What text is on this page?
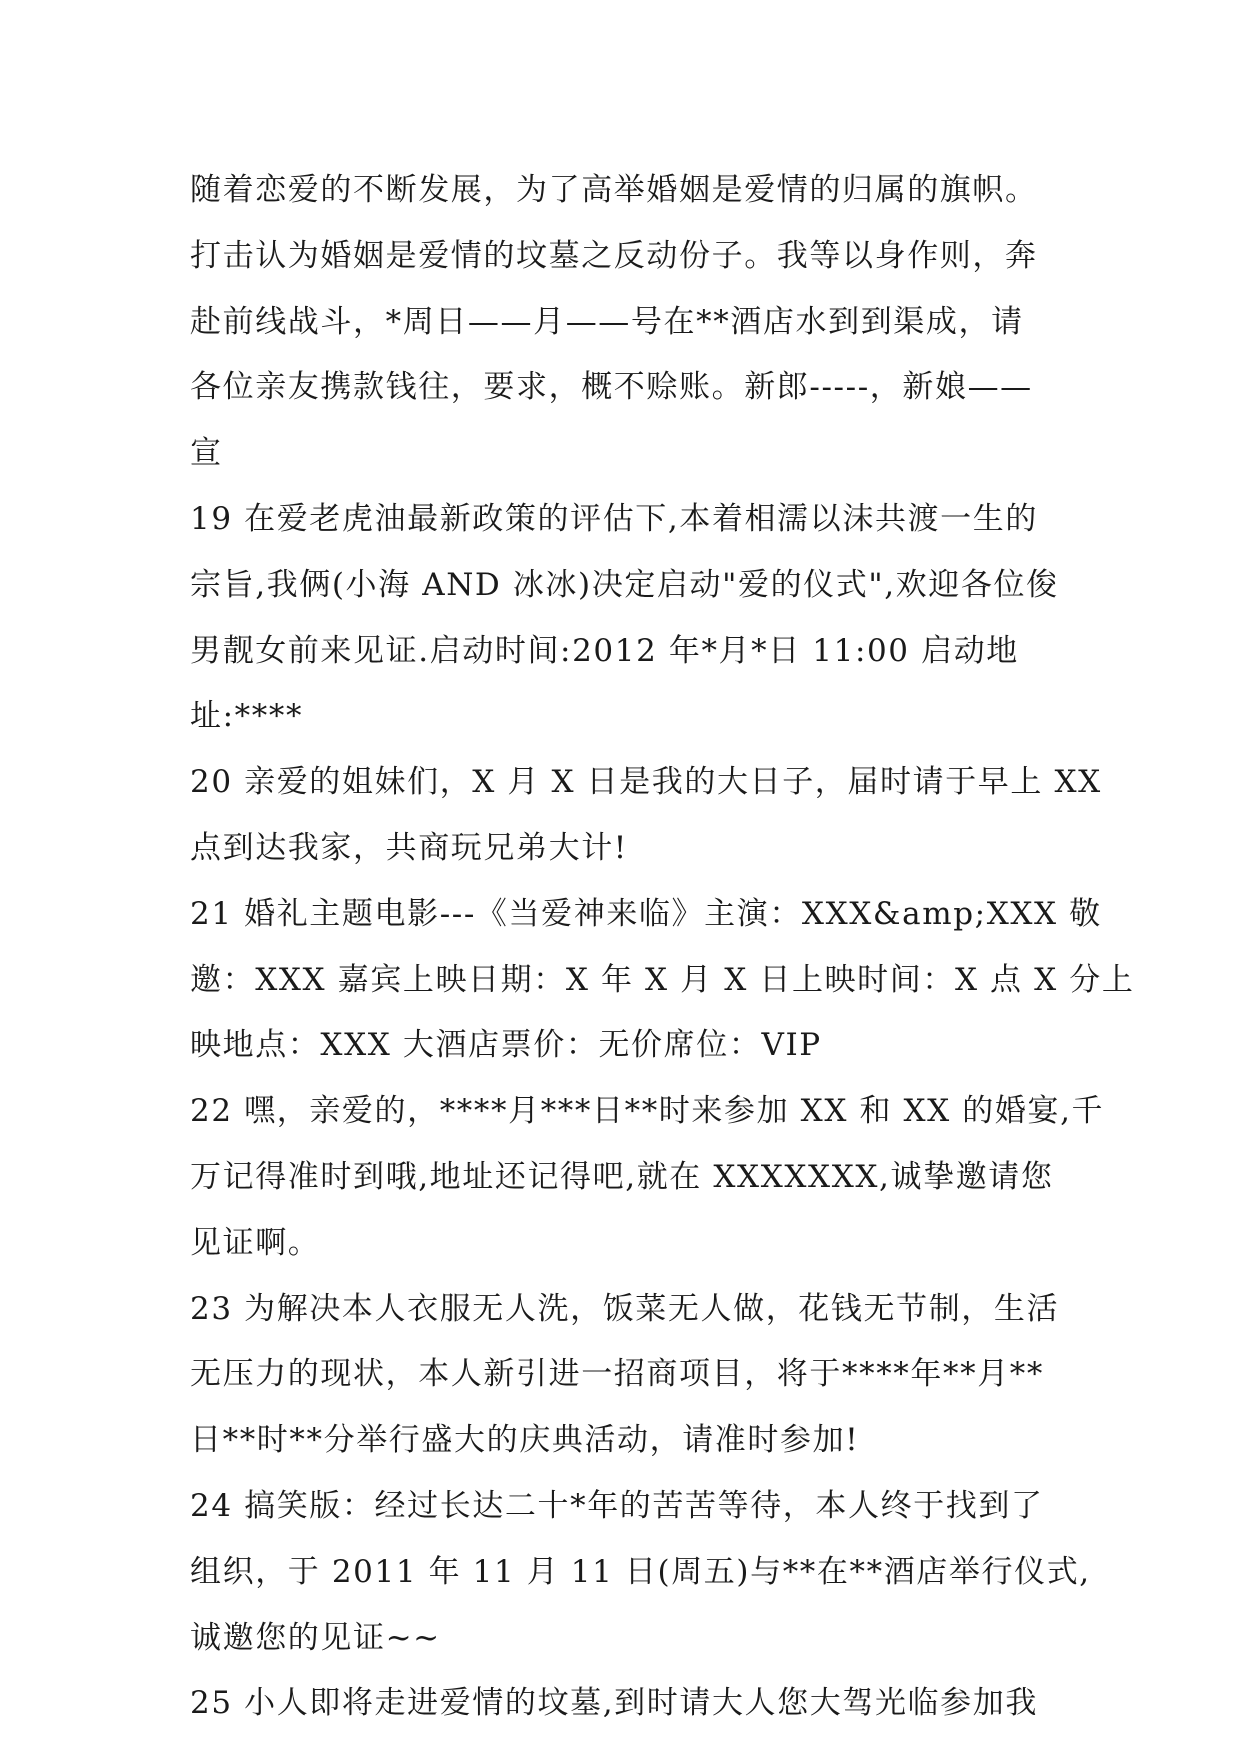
随着恋爱的不断发展，为了高举婚姻是爱情的归属的旗帜。
打击认为婚姻是爱情的坟墓之反动份子。我等以身作则，奔
赴前线战斗，*周日——月——号在**酒店水到到渠成，请
各位亲友携款钱往，要求，概不赊账。新郎-----，新娘——
宣
19 在爱老虎油最新政策的评估下,本着相濡以沫共渡一生的
宗旨,我俩(小海 AND 冰冰)决定启动"爱的仪式",欢迎各位俊
男靓女前来见证.启动时间:2012 年*月*日 11:00 启动地
址:****
20 亲爱的姐妹们，X 月 X 日是我的大日子，届时请于早上 XX
点到达我家，共商玩兄弟大计!
21 婚礼主题电影---《当爱神来临》主演：XXX&amp;XXX 敬
邀：XXX 嘉宾上映日期：X 年 X 月 X 日上映时间：X 点 X 分上
映地点：XXX 大酒店票价：无价席位：VIP
22 嘿，亲爱的，****月***日**时来参加 XX 和 XX 的婚宴,千
万记得准时到哦,地址还记得吧,就在 XXXXXXX,诚挚邀请您
见证啊。
23 为解决本人衣服无人洗，饭菜无人做，花钱无节制，生活
无压力的现状，本人新引进一招商项目，将于****年**月**
日**时**分举行盛大的庆典活动，请准时参加!
24 搞笑版：经过长达二十*年的苦苦等待，本人终于找到了
组织，于 2011 年 11 月 11 日(周五)与**在**酒店举行仪式,
诚邀您的见证~~
25 小人即将走进爱情的坟墓,到时请大人您大驾光临参加我
